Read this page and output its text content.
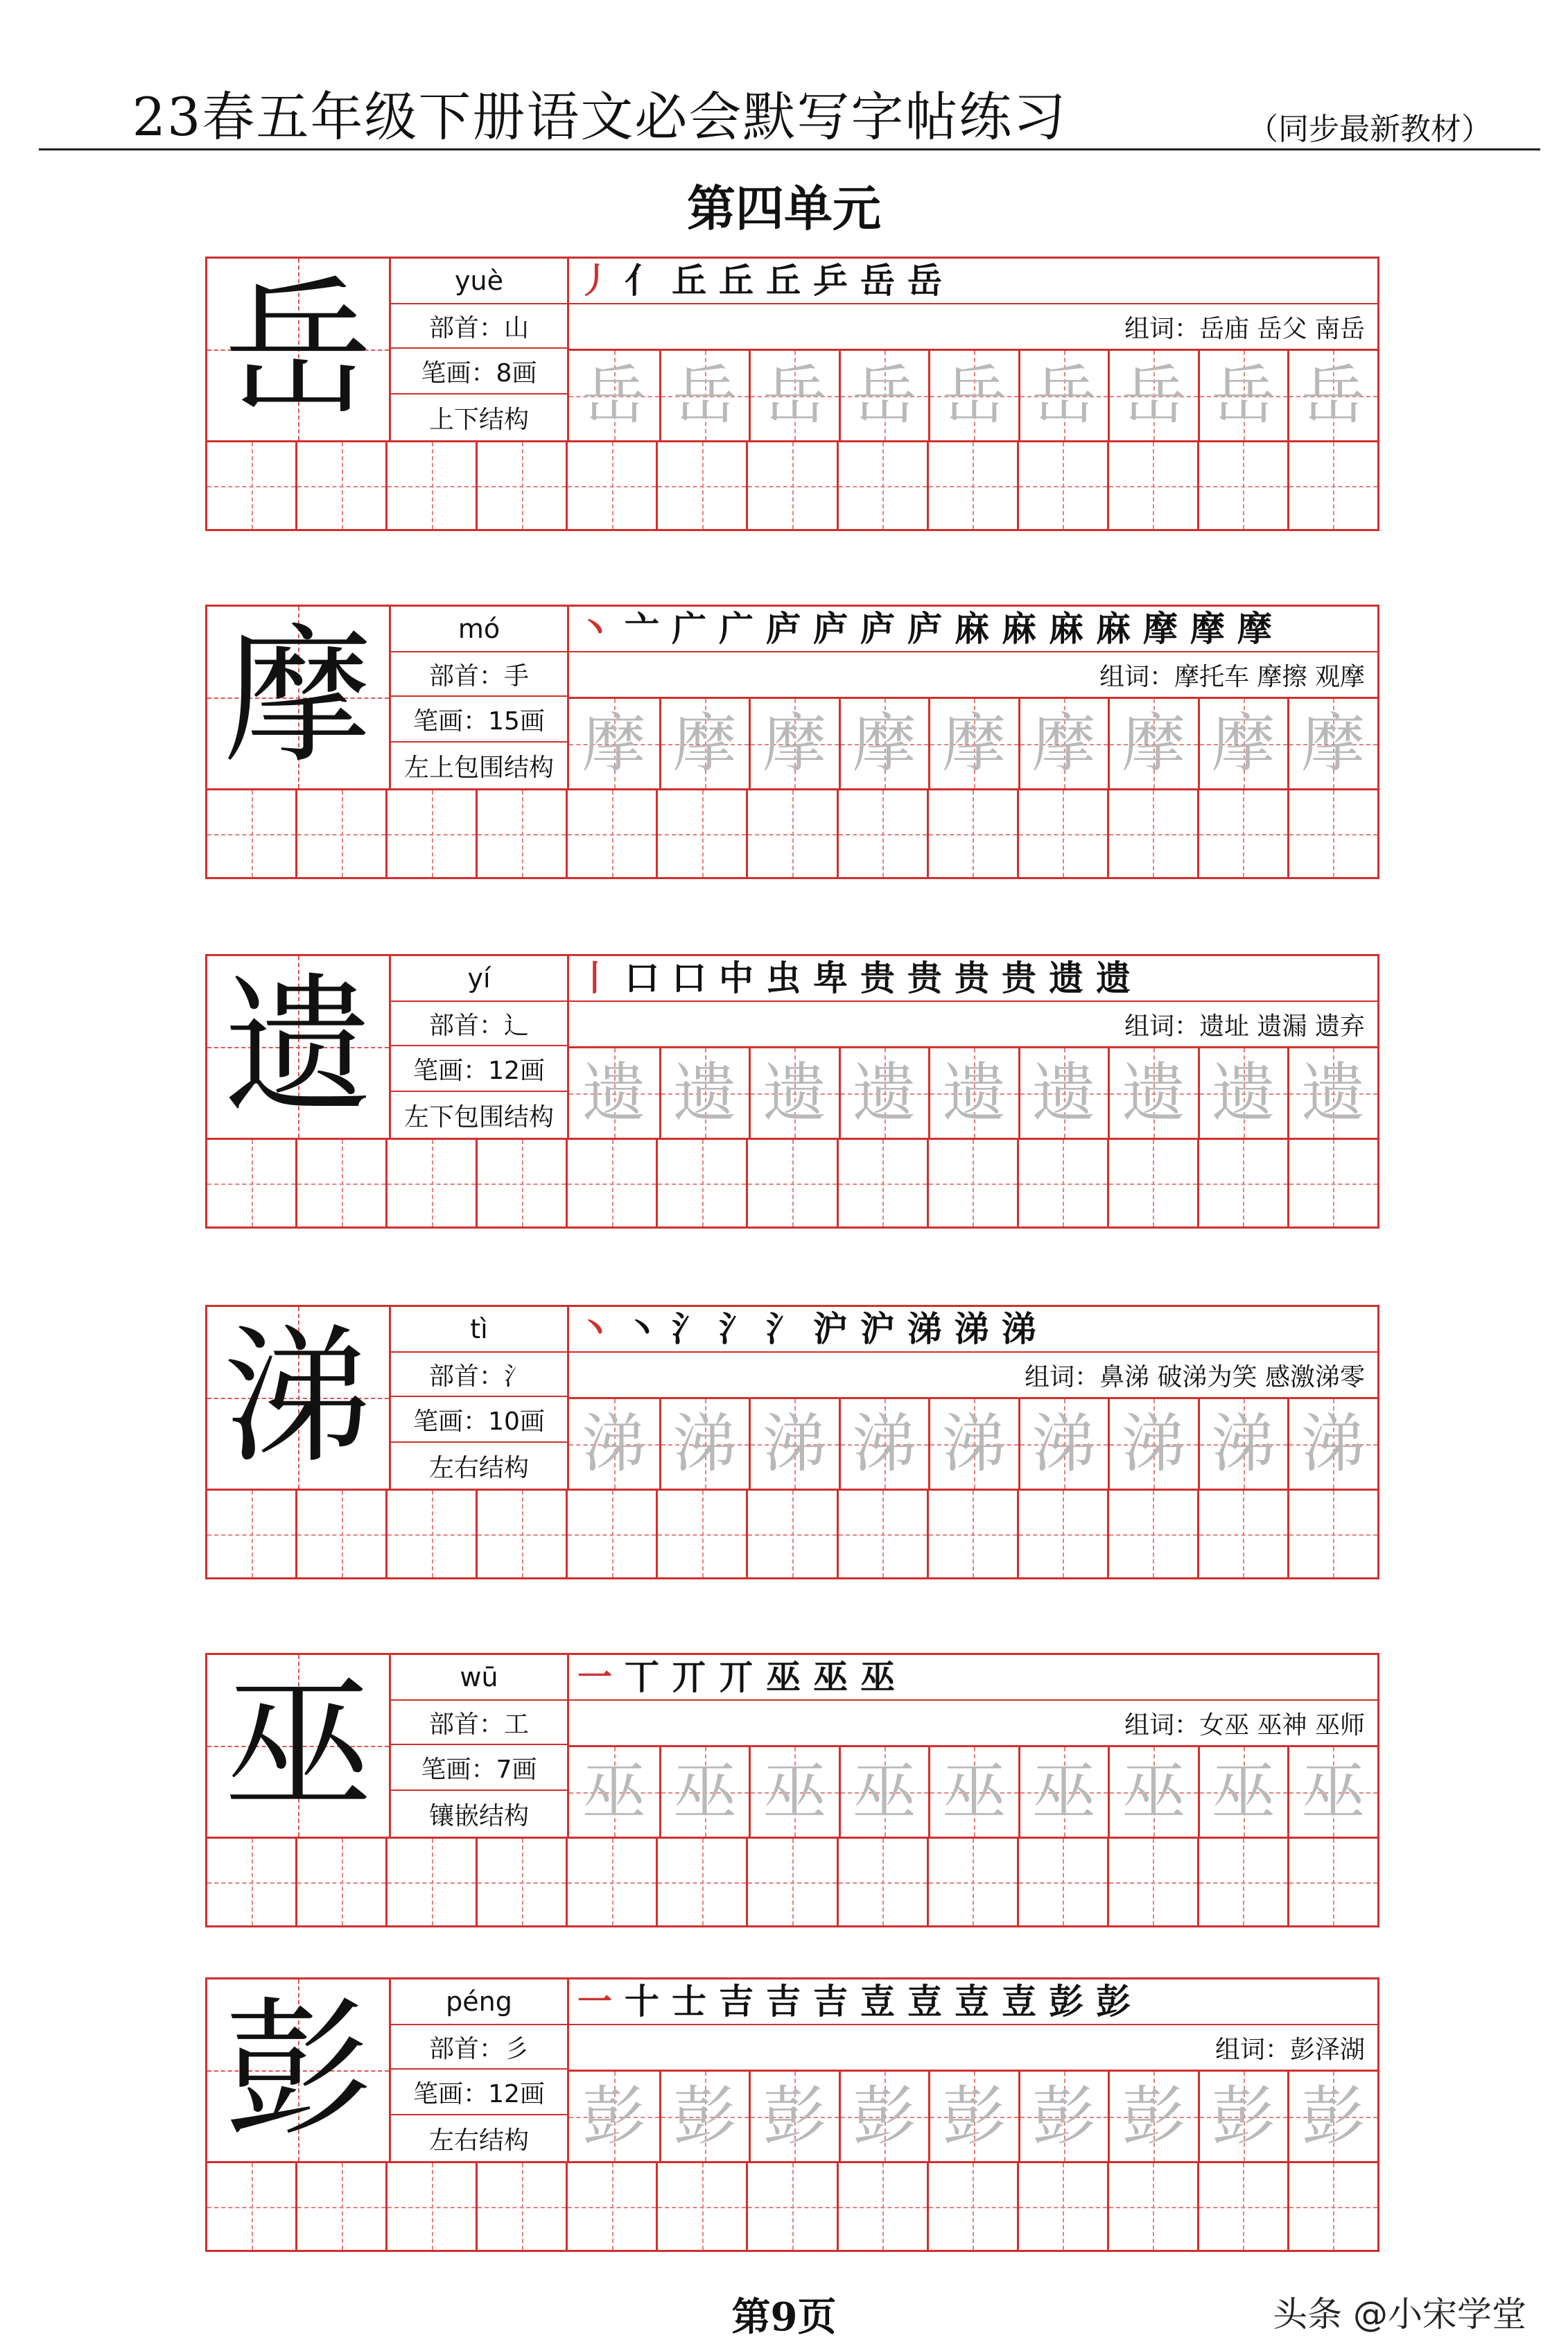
23春五年级下册语文必会默写字帖练习	（同步最新教材）
第四单元
岳	yuè
部首：山
笔画：8画
上下结构
丿 亻 丘 丘 丘 乒 岳 岳
组词：岳庙 岳父 南岳
岳 岳 岳 岳 岳 岳 岳 岳 岳
摩	mó
部首：手
笔画：15画
左上包围结构
丶 亠 广 广 庐 庐 庐 庐 麻 麻 麻 麻 摩 摩 摩
组词：摩托车 摩擦 观摩
摩 摩 摩 摩 摩 摩 摩 摩 摩
遗	yí
部首：辶
笔画：12画
左下包围结构
丨 口 口 中 虫 卑 贵 贵 贵 贵 遗 遗
组词：遗址 遗漏 遗弃
遗 遗 遗 遗 遗 遗 遗 遗 遗
涕	tì
部首：氵
笔画：10画
左右结构
丶 丶 氵 氵 氵 沪 沪 涕 涕 涕
组词：鼻涕 破涕为笑 感激涕零
涕 涕 涕 涕 涕 涕 涕 涕 涕
巫	wū
部首：工
笔画：7画
镶嵌结构
一 丅 丌 丌 巫 巫 巫
组词：女巫 巫神 巫师
巫 巫 巫 巫 巫 巫 巫 巫 巫
彭	péng
部首：彡
笔画：12画
左右结构
一 十 士 吉 吉 吉 壴 壴 壴 壴 彭 彭
组词：彭泽湖
彭 彭 彭 彭 彭 彭 彭 彭 彭
第9页	头条 @小宋学堂
